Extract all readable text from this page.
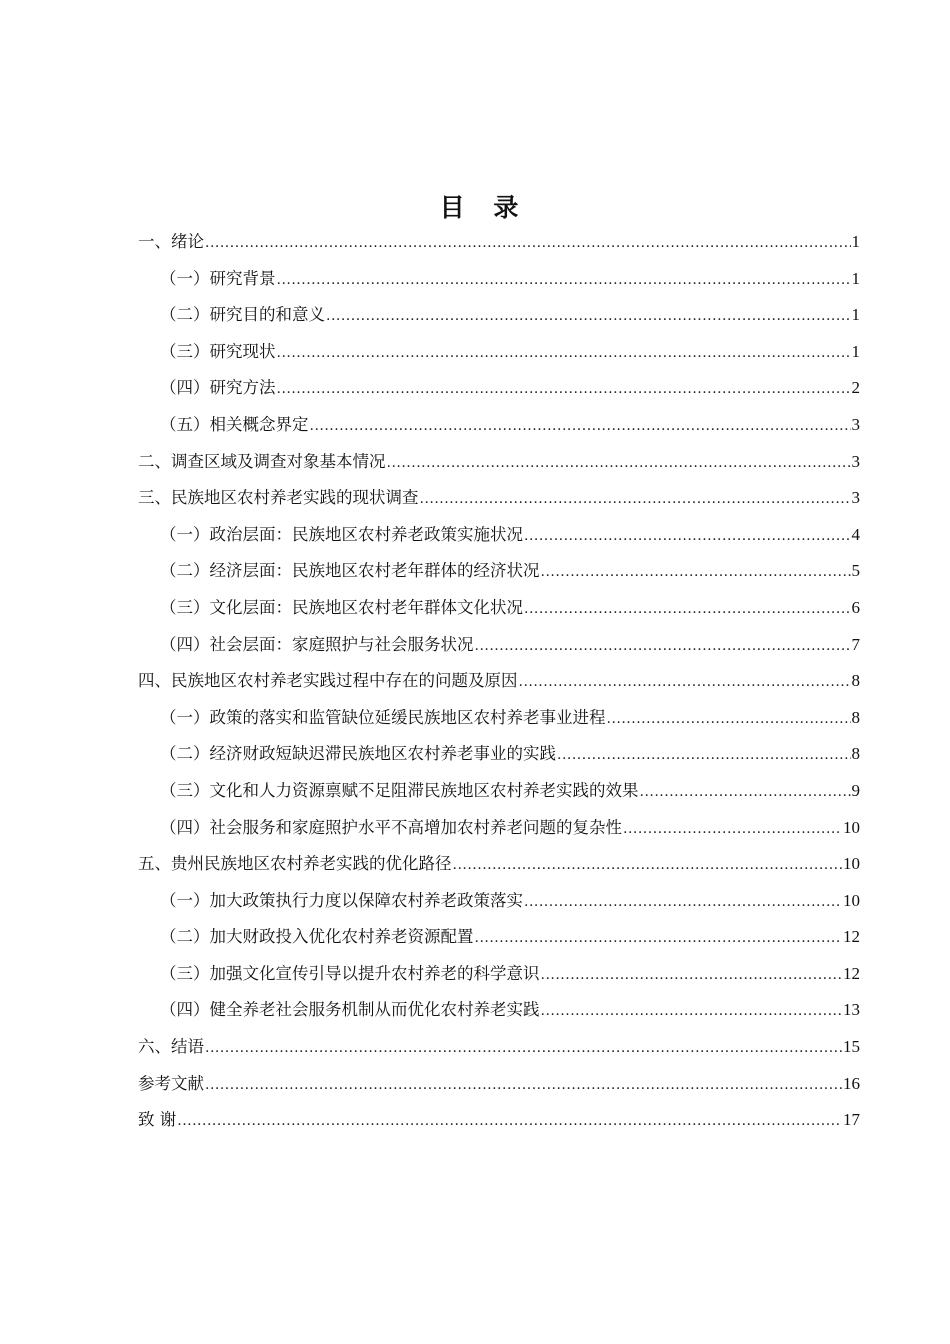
目 录
一、绪论 .....	1
（一）研究背景 .....	1
（二）研究目的和意义 .....	1
（三）研究现状 .....	1
（四）研究方法 .....	2
（五）相关概念界定 .....	3
二、调查区域及调查对象基本情况 .....	3
三、民族地区农村养老实践的现状调查 .....	3
（一）政治层面：民族地区农村养老政策实施状况 .....	4
（二）经济层面：民族地区农村老年群体的经济状况 .....	5
（三）文化层面：民族地区农村老年群体文化状况 .....	6
（四）社会层面：家庭照护与社会服务状况 .....	7
四、民族地区农村养老实践过程中存在的问题及原因 .....	8
（一）政策的落实和监管缺位延缓民族地区农村养老事业进程 .....	8
（二）经济财政短缺迟滞民族地区农村养老事业的实践 .....	8
（三）文化和人力资源禀赋不足阻滞民族地区农村养老实践的效果 .....	9
（四）社会服务和家庭照护水平不高增加农村养老问题的复杂性 .....	10
五、贵州民族地区农村养老实践的优化路径 .....	10
（一）加大政策执行力度以保障农村养老政策落实 .....	10
（二）加大财政投入优化农村养老资源配置 .....	12
（三）加强文化宣传引导以提升农村养老的科学意识 .....	12
（四）健全养老社会服务机制从而优化农村养老实践 .....	13
六、结语 .....	15
参考文献 .....	16
致 谢 .....	17
